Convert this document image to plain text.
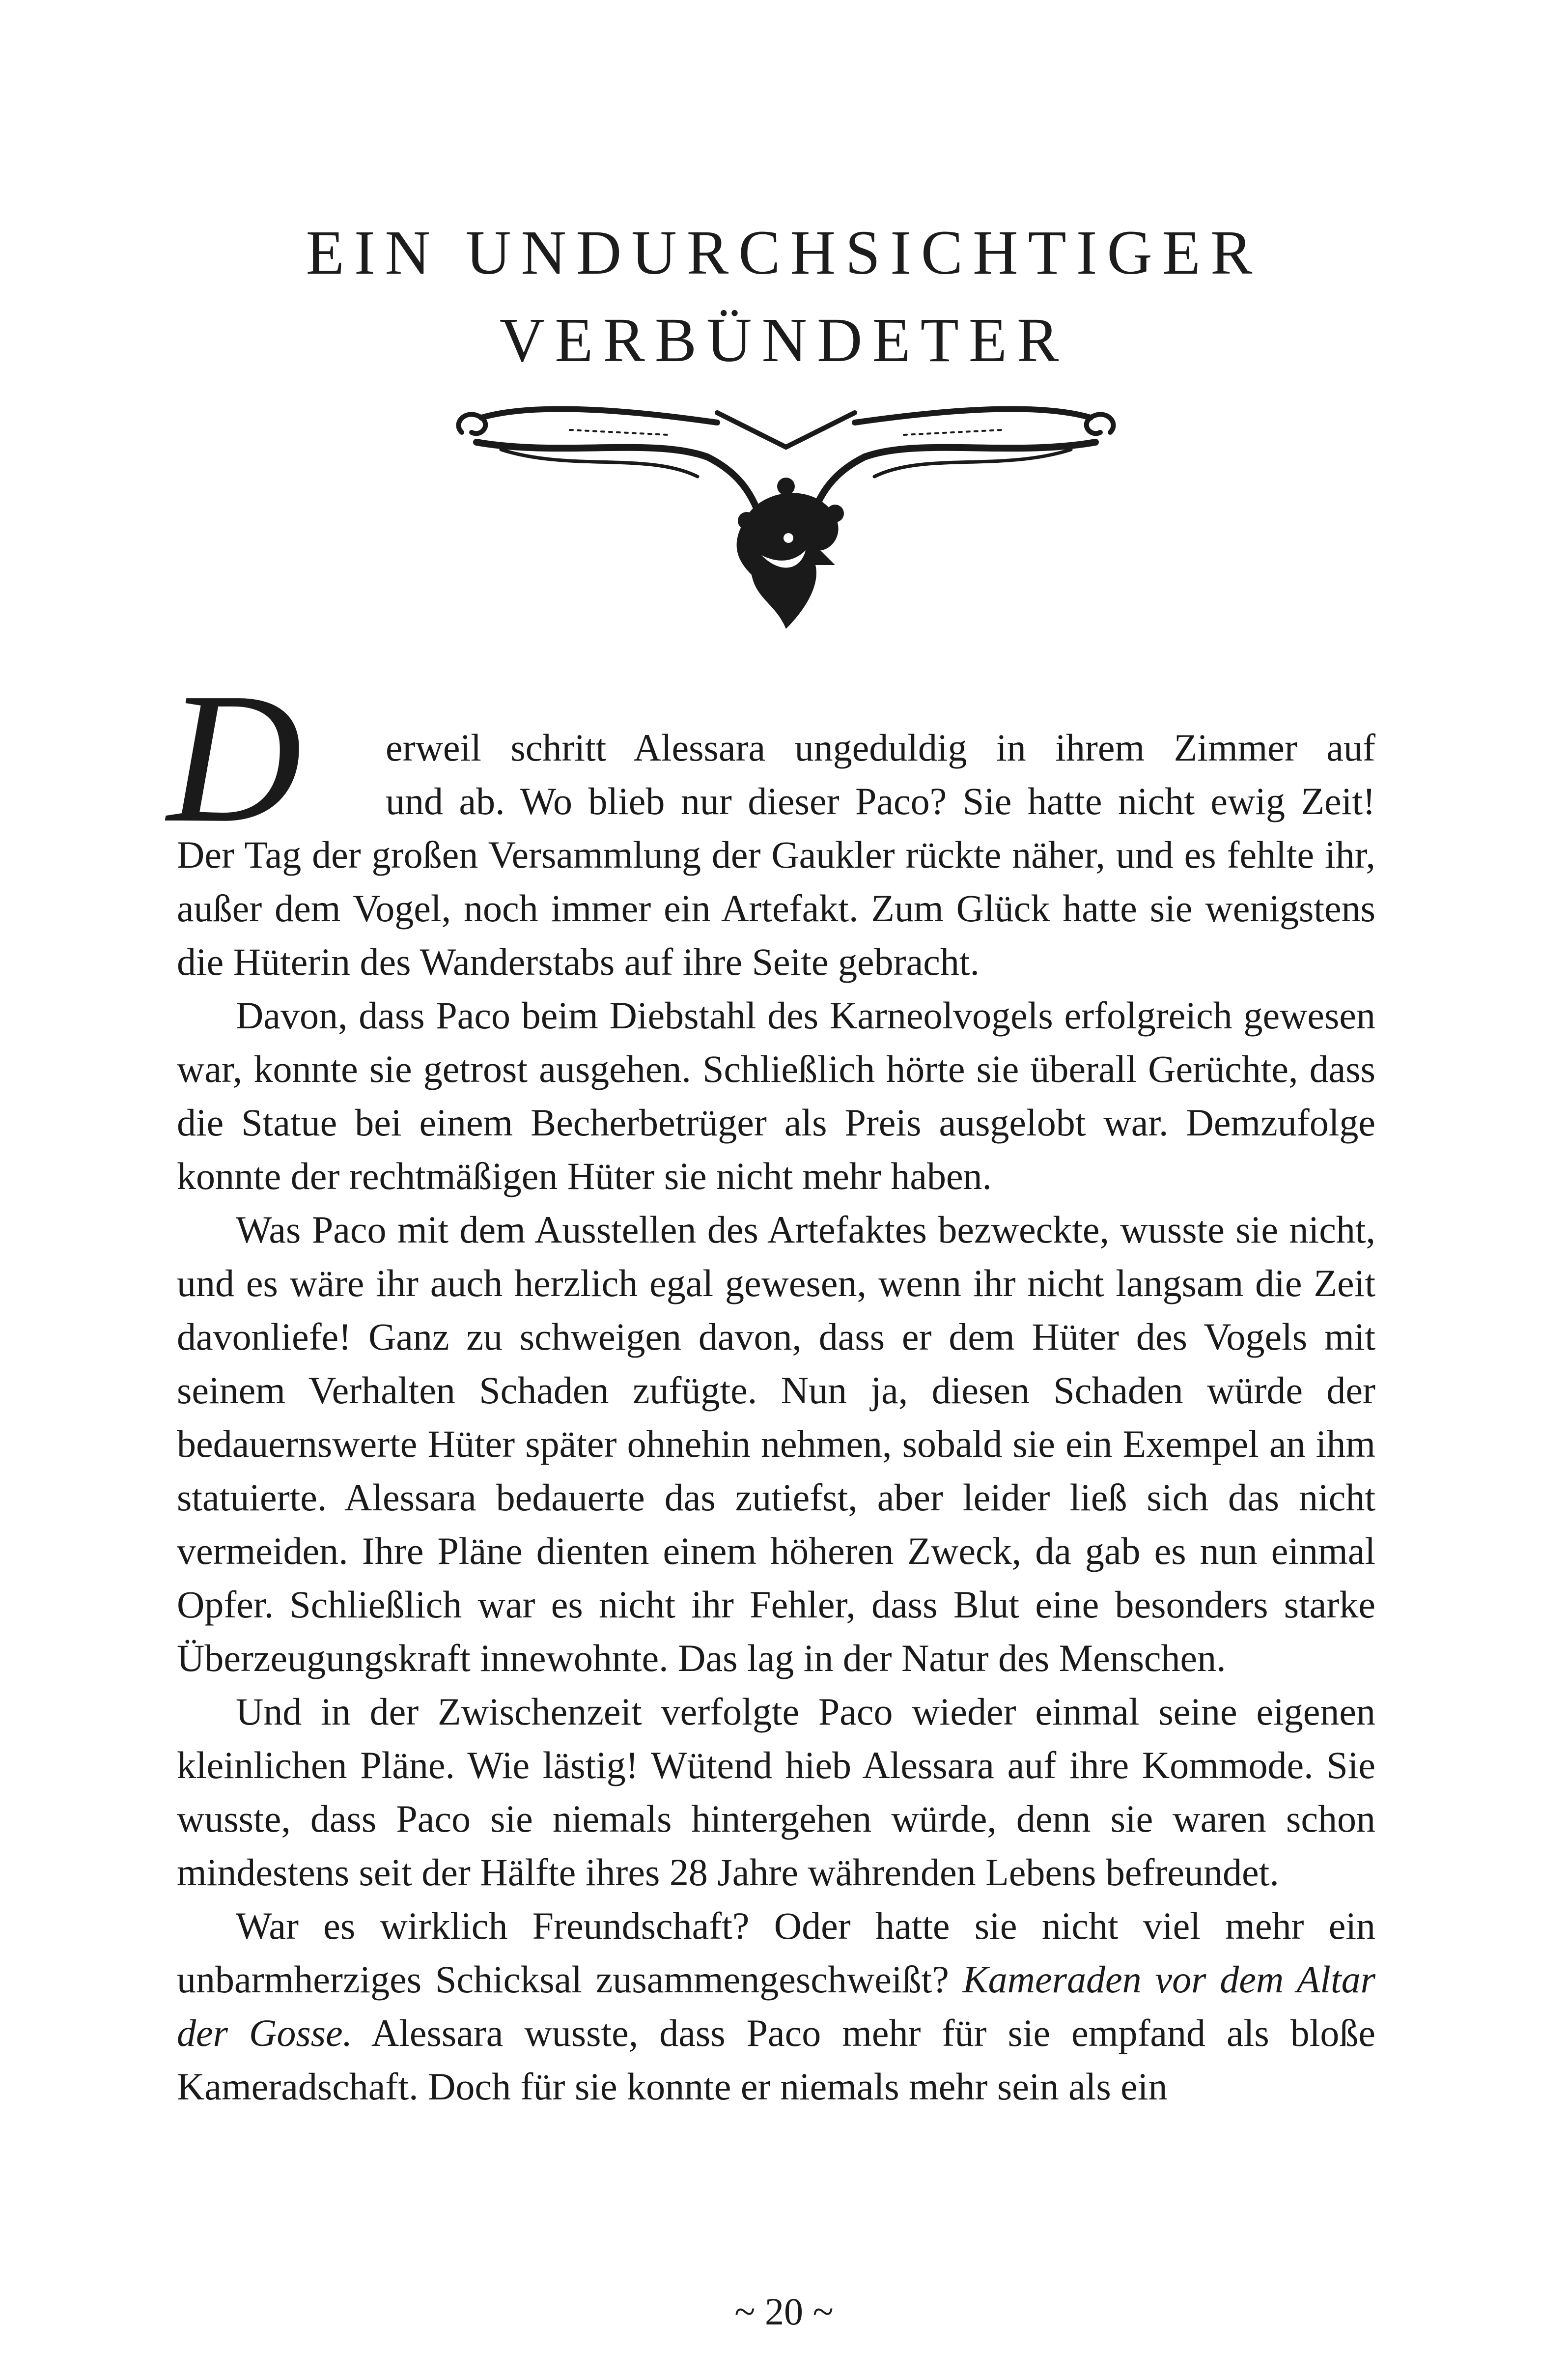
EIN UNDURCHSICHTIGER
VERBÜNDETER
D erweil schritt Alessara ungeduldig in ihrem Zimmer auf
und ab. Wo blieb nur dieser Paco? Sie hatte nicht ewig Zeit!

Der Tag der großen Versammlung der Gaukler rückte näher, und es fehlte ihr, außer dem Vogel, noch immer ein Artefakt. Zum Glück hatte sie wenigstens die Hüterin des Wanderstabs auf ihre Seite gebracht.

Davon, dass Paco beim Diebstahl des Karneolvogels erfolgreich gewesen war, konnte sie getrost ausgehen. Schließlich hörte sie überall Gerüchte, dass die Statue bei einem Becherbetrüger als Preis ausgelobt war. Demzufolge konnte der rechtmäßigen Hüter sie nicht mehr haben.

Was Paco mit dem Ausstellen des Artefaktes bezweckte, wusste sie nicht, und es wäre ihr auch herzlich egal gewesen, wenn ihr nicht langsam die Zeit davonliefe! Ganz zu schweigen davon, dass er dem Hüter des Vogels mit seinem Verhalten Schaden zufügte. Nun ja, diesen Schaden würde der bedauernswerte Hüter später ohnehin nehmen, sobald sie ein Exempel an ihm statuierte. Alessara bedauerte das zutiefst, aber leider ließ sich das nicht vermeiden. Ihre Pläne dienten einem höheren Zweck, da gab es nun einmal Opfer. Schließlich war es nicht ihr Fehler, dass Blut eine besonders starke Überzeugungskraft innewohnte. Das lag in der Natur des Menschen.

Und in der Zwischenzeit verfolgte Paco wieder einmal seine eigenen kleinlichen Pläne. Wie lästig! Wütend hieb Alessara auf ihre Kommode. Sie wusste, dass Paco sie niemals hintergehen würde, denn sie waren schon mindestens seit der Hälfte ihres 28 Jahre währenden Lebens befreundet.

War es wirklich Freundschaft? Oder hatte sie nicht viel mehr ein unbarmherziges Schicksal zusammengeschweißt? Kameraden vor dem Altar der Gosse. Alessara wusste, dass Paco mehr für sie empfand als bloße Kameradschaft. Doch für sie konnte er niemals mehr sein als ein

~ 20 ~
